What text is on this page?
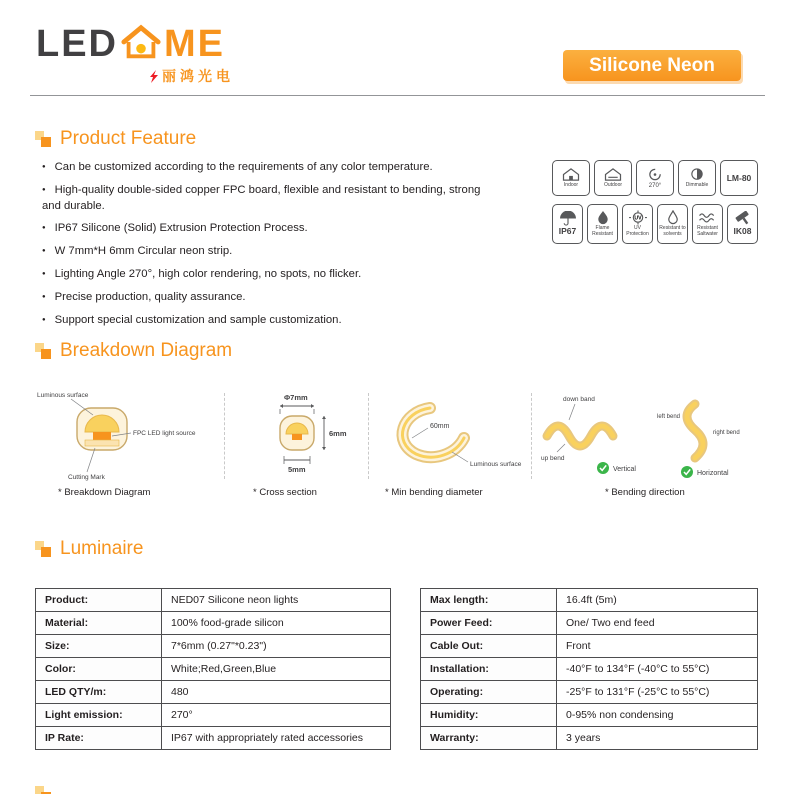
LED ME
丽鸿光电
Silicone Neon
Product Feature
● Can be customized according to the requirements of any color temperature.
● High-quality double-sided copper FPC board, flexible and resistant to bending, strong and durable.
● IP67 Silicone (Solid) Extrusion Protection Process.
● W 7mm*H 6mm Circular neon strip.
● Lighting Angle 270°, high color rendering, no spots, no flicker.
● Precise production, quality assurance.
● Support special customization and sample customization.
Indoor	Outdoor	270°	Dimmable
LM-80
IP67	Flame Resistant
UV
UV Protection
Resistant to solvents
Resistant Saltwater	IK08
Breakdown Diagram
Luminous surface
FPC LED light source
Cutting Mark
Φ7mm
6mm
5mm
60mm
Luminous surface
down band
up bend
Vertical
left bend
right bend
Horizontal
* Breakdown Diagram	* Cross section	* Min bending diameter	* Bending direction
Luminaire
Product:	NED07 Silicone neon lights
Material:	100% food-grade silicon
Size:	7*6mm (0.27"*0.23")
Color:	White;Red,Green,Blue
LED QTY/m:	480
Light emission:	270°
IP Rate:	IP67 with appropriately rated accessories
Max length:	16.4ft (5m)
Power Feed:	One/ Two end feed
Cable Out:	Front
Installation:	-40°F to 134°F (-40°C to 55°C)
Operating:	-25°F to 131°F (-25°C to 55°C)
Humidity:	0-95% non condensing
Warranty:	3 years
